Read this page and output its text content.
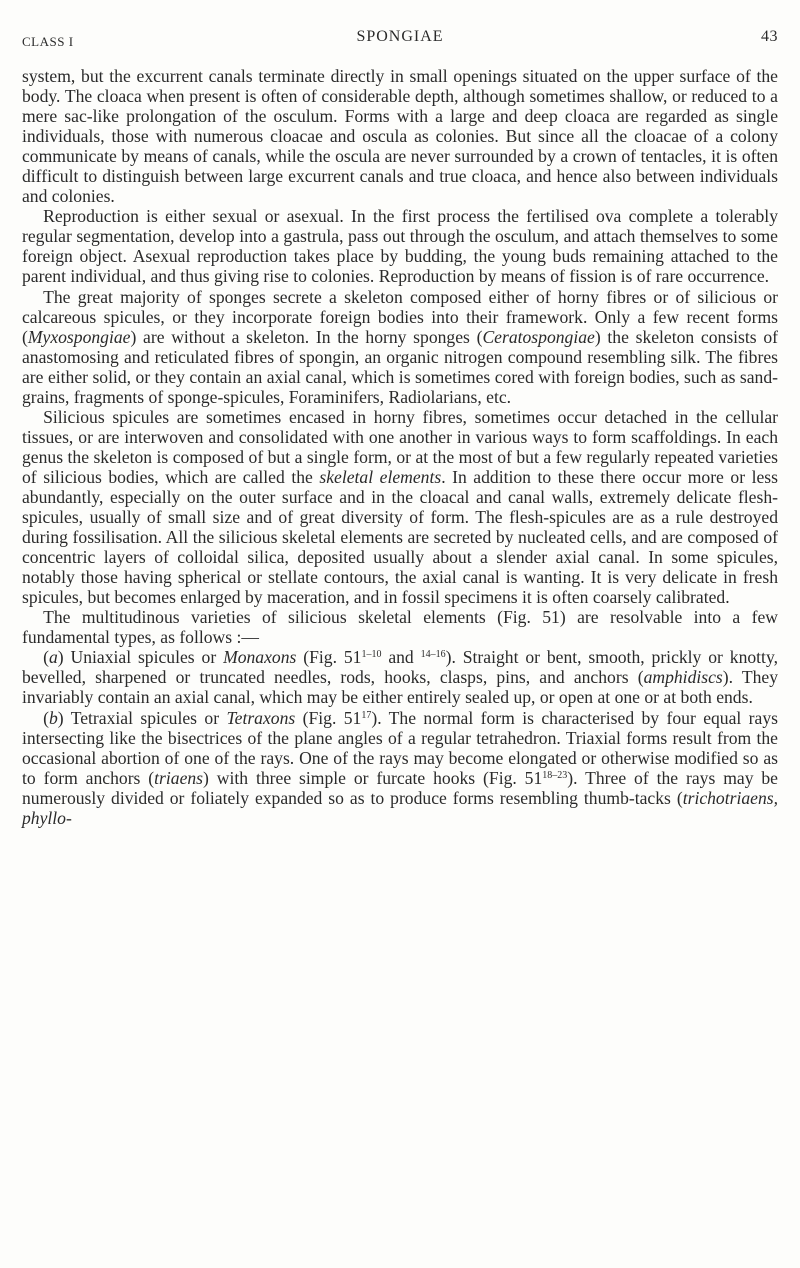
CLASS I	SPONGIAE	43

system, but the excurrent canals terminate directly in small openings situated on the upper surface of the body. The cloaca when present is often of considerable depth, although sometimes shallow, or reduced to a mere sac-like prolongation of the osculum. Forms with a large and deep cloaca are regarded as single individuals, those with numerous cloacae and oscula as colonies. But since all the cloacae of a colony communicate by means of canals, while the oscula are never surrounded by a crown of tentacles, it is often difficult to distinguish between large excurrent canals and true cloaca, and hence also between individuals and colonies.

Reproduction is either sexual or asexual. In the first process the fertilised ova complete a tolerably regular segmentation, develop into a gastrula, pass out through the osculum, and attach themselves to some foreign object. Asexual reproduction takes place by budding, the young buds remaining attached to the parent individual, and thus giving rise to colonies. Reproduction by means of fission is of rare occurrence.

The great majority of sponges secrete a skeleton composed either of horny fibres or of silicious or calcareous spicules, or they incorporate foreign bodies into their framework. Only a few recent forms (Myxospongiae) are without a skeleton. In the horny sponges (Ceratospongiae) the skeleton consists of anastomosing and reticulated fibres of spongin, an organic nitrogen compound resembling silk. The fibres are either solid, or they contain an axial canal, which is sometimes cored with foreign bodies, such as sand-grains, fragments of sponge-spicules, Foraminifers, Radiolarians, etc.

Silicious spicules are sometimes encased in horny fibres, sometimes occur detached in the cellular tissues, or are interwoven and consolidated with one another in various ways to form scaffoldings. In each genus the skeleton is composed of but a single form, or at the most of but a few regularly repeated varieties of silicious bodies, which are called the skeletal elements. In addition to these there occur more or less abundantly, especially on the outer surface and in the cloacal and canal walls, extremely delicate flesh-spicules, usually of small size and of great diversity of form. The flesh-spicules are as a rule destroyed during fossilisation. All the silicious skeletal elements are secreted by nucleated cells, and are composed of concentric layers of colloidal silica, deposited usually about a slender axial canal. In some spicules, notably those having spherical or stellate contours, the axial canal is wanting. It is very delicate in fresh spicules, but becomes enlarged by maceration, and in fossil specimens it is often coarsely calibrated.

The multitudinous varieties of silicious skeletal elements (Fig. 51) are resolvable into a few fundamental types, as follows :—

(a) Uniaxial spicules or Monaxons (Fig. 51$^{1-10}$ and $^{14-16}$). Straight or bent, smooth, prickly or knotty, bevelled, sharpened or truncated needles, rods, hooks, clasps, pins, and anchors (amphidiscs). They invariably contain an axial canal, which may be either entirely sealed up, or open at one or at both ends.

(b) Tetraxial spicules or Tetraxons (Fig. $51^{17}$). The normal form is characterised by four equal rays intersecting like the bisectrices of the plane angles of a regular tetrahedron. Triaxial forms result from the occasional abortion of one of the rays. One of the rays may become elongated or otherwise modified so as to form anchors (triaens) with three simple or furcate hooks (Fig. 51$^{18-23}$). Three of the rays may be numerously divided or foliately expanded so as to produce forms resembling thumb-tacks (trichotriaens, phyllo-
